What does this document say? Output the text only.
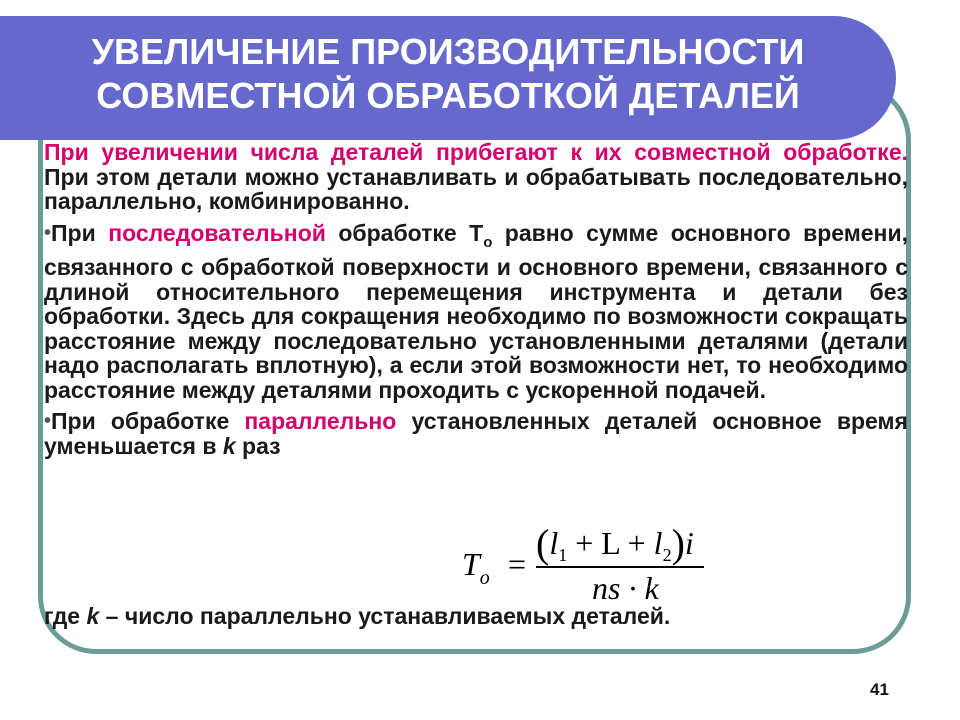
УВЕЛИЧЕНИЕ ПРОИЗВОДИТЕЛЬНОСТИ
СОВМЕСТНОЙ ОБРАБОТКОЙ ДЕТАЛЕЙ

При увеличении числа деталей прибегают к их совместной обработке. При этом детали можно устанавливать и обрабатывать последовательно, параллельно, комбинированно.

•При последовательной обработке $Т_о$ равно сумме основного времени, связанного с обработкой поверхности и основного времени, связанного с длиной относительного перемещения инструмента и детали без обработки. Здесь для сокращения необходимо по возможности сокращать расстояние между последовательно установленными деталями (детали надо располагать вплотную), а если этой возможности нет, то необходимо расстояние между деталями проходить с ускоренной подачей.

•При обработке параллельно установленных деталей основное время уменьшается в k раз

$T_o = (l_1 + L + l_2)i$
ns · k
где k – число параллельно устанавливаемых деталей.
41
